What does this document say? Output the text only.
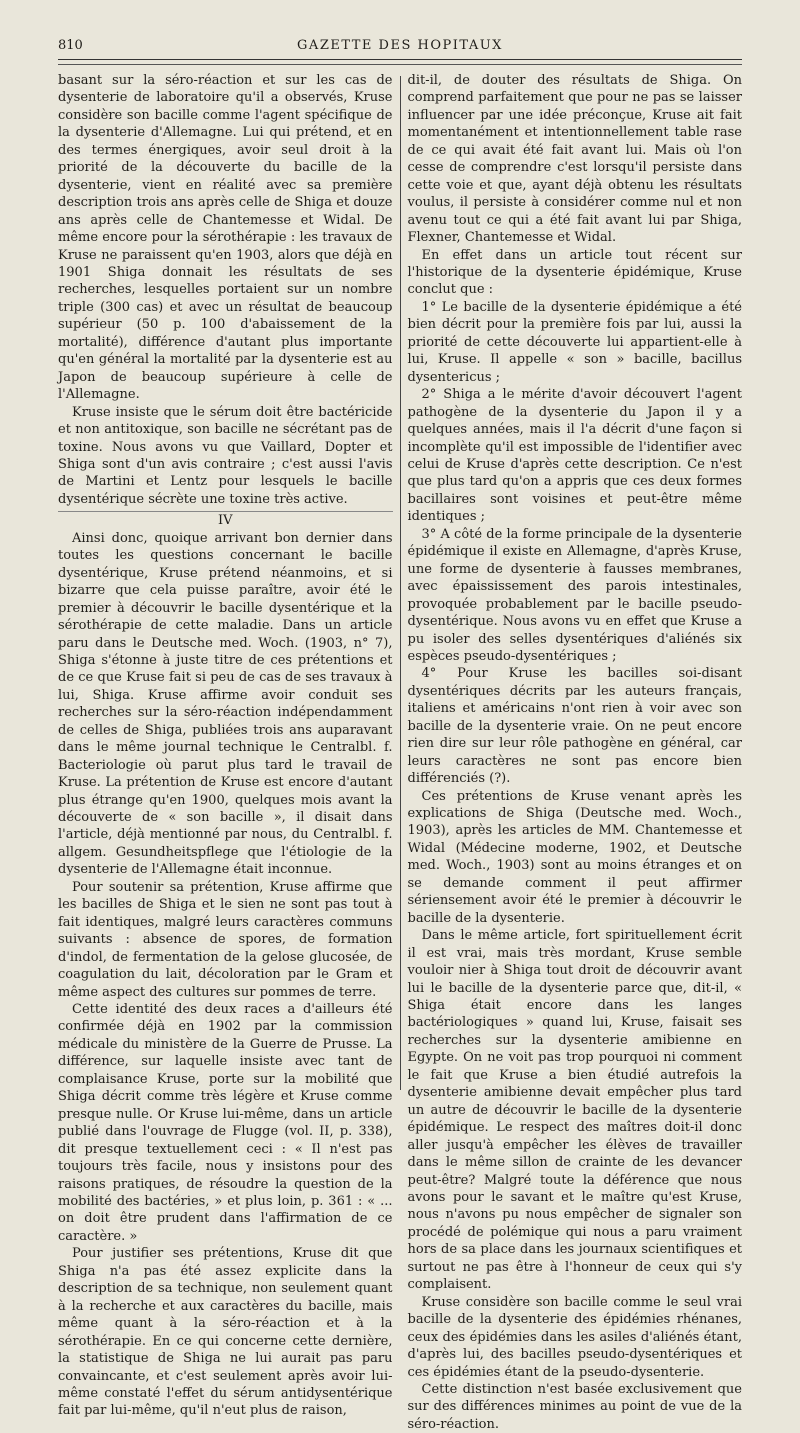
810	GAZETTE DES HOPITAUX

basant sur la séro-réaction et sur les cas de dysenterie de laboratoire qu'il a observés, Kruse considère son bacille comme l'agent spécifique de la dysenterie d'Allemagne. Lui qui prétend, et en des termes énergiques, avoir seul droit à la priorité de la découverte du bacille de la dysenterie, vient en réalité avec sa première description trois ans après celle de Shiga et douze ans après celle de Chantemesse et Widal. De même encore pour la sérothérapie : les travaux de Kruse ne paraissent qu'en 1903, alors que déjà en 1901 Shiga donnait les résultats de ses recherches, lesquelles portaient sur un nombre triple (300 cas) et avec un résultat de beaucoup supérieur (50 p. 100 d'abaissement de la mortalité), différence d'autant plus importante qu'en général la mortalité par la dysenterie est au Japon de beaucoup supérieure à celle de l'Allemagne.

Kruse insiste que le sérum doit être bactéricide et non antitoxique, son bacille ne sécrétant pas de toxine. Nous avons vu que Vaillard, Dopter et Shiga sont d'un avis contraire ; c'est aussi l'avis de Martini et Lentz pour lesquels le bacille dysentérique sécrète une toxine très active.

IV

Ainsi donc, quoique arrivant bon dernier dans toutes les questions concernant le bacille dysentérique, Kruse prétend néanmoins, et si bizarre que cela puisse paraître, avoir été le premier à découvrir le bacille dysentérique et la sérothérapie de cette maladie. Dans un article paru dans le Deutsche med. Woch. (1903, n° 7), Shiga s'étonne à juste titre de ces prétentions et de ce que Kruse fait si peu de cas de ses travaux à lui, Shiga. Kruse affirme avoir conduit ses recherches sur la séro-réaction indépendamment de celles de Shiga, publiées trois ans auparavant dans le même journal technique le Centralbl. f. Bacteriologie où parut plus tard le travail de Kruse. La prétention de Kruse est encore d'autant plus étrange qu'en 1900, quelques mois avant la découverte de « son bacille », il disait dans l'article, déjà mentionné par nous, du Centralbl. f. allgem. Gesundheitspflege que l'étiologie de la dysenterie de l'Allemagne était inconnue.

Pour soutenir sa prétention, Kruse affirme que les bacilles de Shiga et le sien ne sont pas tout à fait identiques, malgré leurs caractères communs suivants : absence de spores, de formation d'indol, de fermentation de la gelose glucosée, de coagulation du lait, décoloration par le Gram et même aspect des cultures sur pommes de terre.

Cette identité des deux races a d'ailleurs été confirmée déjà en 1902 par la commission médicale du ministère de la Guerre de Prusse. La différence, sur laquelle insiste avec tant de complaisance Kruse, porte sur la mobilité que Shiga décrit comme très légère et Kruse comme presque nulle. Or Kruse lui-même, dans un article publié dans l'ouvrage de Flugge (vol. II, p. 338), dit presque textuellement ceci : « Il n'est pas toujours très facile, nous y insistons pour des raisons pratiques, de résoudre la question de la mobilité des bactéries, » et plus loin, p. 361 : « ... on doit être prudent dans l'affirmation de ce caractère. »

Pour justifier ses prétentions, Kruse dit que Shiga n'a pas été assez explicite dans la description de sa technique, non seulement quant à la recherche et aux caractères du bacille, mais même quant à la séro-réaction et à la sérothérapie. En ce qui concerne cette dernière, la statistique de Shiga ne lui aurait pas paru convaincante, et c'est seulement après avoir lui-même constaté l'effet du sérum antidysentérique fait par lui-même, qu'il n'eut plus de raison,

dit-il, de douter des résultats de Shiga. On comprend parfaitement que pour ne pas se laisser influencer par une idée préconçue, Kruse ait fait momentanément et intentionnellement table rase de ce qui avait été fait avant lui. Mais où l'on cesse de comprendre c'est lorsqu'il persiste dans cette voie et que, ayant déjà obtenu les résultats voulus, il persiste à considérer comme nul et non avenu tout ce qui a été fait avant lui par Shiga, Flexner, Chantemesse et Widal.

En effet dans un article tout récent sur l'historique de la dysenterie épidémique, Kruse conclut que :

1° Le bacille de la dysenterie épidémique a été bien décrit pour la première fois par lui, aussi la priorité de cette découverte lui appartient-elle à lui, Kruse. Il appelle « son » bacille, bacillus dysentericus ;

2° Shiga a le mérite d'avoir découvert l'agent pathogène de la dysenterie du Japon il y a quelques années, mais il l'a décrit d'une façon si incomplète qu'il est impossible de l'identifier avec celui de Kruse d'après cette description. Ce n'est que plus tard qu'on a appris que ces deux formes bacillaires sont voisines et peut-être même identiques ;

3° A côté de la forme principale de la dysenterie épidémique il existe en Allemagne, d'après Kruse, une forme de dysenterie à fausses membranes, avec épaississement des parois intestinales, provoquée probablement par le bacille pseudo-dysentérique. Nous avons vu en effet que Kruse a pu isoler des selles dysentériques d'aliénés six espèces pseudo-dysentériques ;

4° Pour Kruse les bacilles soi-disant dysentériques décrits par les auteurs français, italiens et américains n'ont rien à voir avec son bacille de la dysenterie vraie. On ne peut encore rien dire sur leur rôle pathogène en général, car leurs caractères ne sont pas encore bien différenciés (?).

Ces prétentions de Kruse venant après les explications de Shiga (Deutsche med. Woch., 1903), après les articles de MM. Chantemesse et Widal (Médecine moderne, 1902, et Deutsche med. Woch., 1903) sont au moins étranges et on se demande comment il peut affirmer sériensement avoir été le premier à découvrir le bacille de la dysenterie.

Dans le même article, fort spirituellement écrit il est vrai, mais très mordant, Kruse semble vouloir nier à Shiga tout droit de découvrir avant lui le bacille de la dysenterie parce que, dit-il, « Shiga était encore dans les langes bactériologiques » quand lui, Kruse, faisait ses recherches sur la dysenterie amibienne en Egypte. On ne voit pas trop pourquoi ni comment le fait que Kruse a bien étudié autrefois la dysenterie amibienne devait empêcher plus tard un autre de découvrir le bacille de la dysenterie épidémique. Le respect des maîtres doit-il donc aller jusqu'à empêcher les élèves de travailler dans le même sillon de crainte de les devancer peut-être? Malgré toute la déférence que nous avons pour le savant et le maître qu'est Kruse, nous n'avons pu nous empêcher de signaler son procédé de polémique qui nous a paru vraiment hors de sa place dans les journaux scientifiques et surtout ne pas être à l'honneur de ceux qui s'y complaisent.

Kruse considère son bacille comme le seul vrai bacille de la dysenterie des épidémies rhénanes, ceux des épidémies dans les asiles d'aliénés étant, d'après lui, des bacilles pseudo-dysentériques et ces épidémies étant de la pseudo-dysenterie.

Cette distinction n'est basée exclusivement que sur des différences minimes au point de vue de la séro-réaction.
